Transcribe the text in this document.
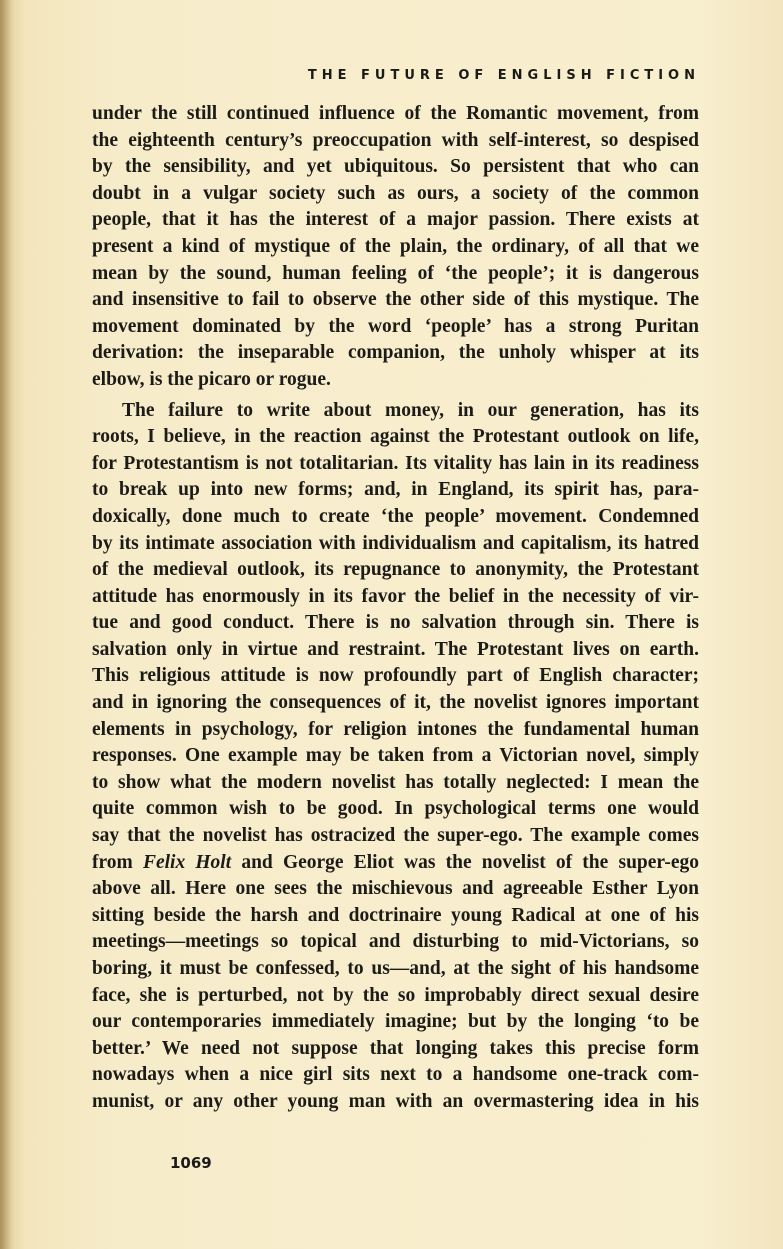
THE FUTURE OF ENGLISH FICTION
under the still continued influence of the Romantic movement, from
the eighteenth century’s preoccupation with self-interest, so despised
by the sensibility, and yet ubiquitous. So persistent that who can
doubt in a vulgar society such as ours, a society of the common
people, that it has the interest of a major passion. There exists at
present a kind of mystique of the plain, the ordinary, of all that we
mean by the sound, human feeling of ‘the people’; it is dangerous
and insensitive to fail to observe the other side of this mystique. The
movement dominated by the word ‘people’ has a strong Puritan
derivation: the inseparable companion, the unholy whisper at its
elbow, is the picaro or rogue.
The failure to write about money, in our generation, has its
roots, I believe, in the reaction against the Protestant outlook on life,
for Protestantism is not totalitarian. Its vitality has lain in its readiness
to break up into new forms; and, in England, its spirit has, para-
doxically, done much to create ‘the people’ movement. Condemned
by its intimate association with individualism and capitalism, its hatred
of the medieval outlook, its repugnance to anonymity, the Protestant
attitude has enormously in its favor the belief in the necessity of vir-
tue and good conduct. There is no salvation through sin. There is
salvation only in virtue and restraint. The Protestant lives on earth.
This religious attitude is now profoundly part of English character;
and in ignoring the consequences of it, the novelist ignores important
elements in psychology, for religion intones the fundamental human
responses. One example may be taken from a Victorian novel, simply
to show what the modern novelist has totally neglected: I mean the
quite common wish to be good. In psychological terms one would
say that the novelist has ostracized the super-ego. The example comes
from Felix Holt and George Eliot was the novelist of the super-ego
above all. Here one sees the mischievous and agreeable Esther Lyon
sitting beside the harsh and doctrinaire young Radical at one of his
meetings—meetings so topical and disturbing to mid-Victorians, so
boring, it must be confessed, to us—and, at the sight of his handsome
face, she is perturbed, not by the so improbably direct sexual desire
our contemporaries immediately imagine; but by the longing ‘to be
better.’ We need not suppose that longing takes this precise form
nowadays when a nice girl sits next to a handsome one-track com-
munist, or any other young man with an overmastering idea in his
1069
